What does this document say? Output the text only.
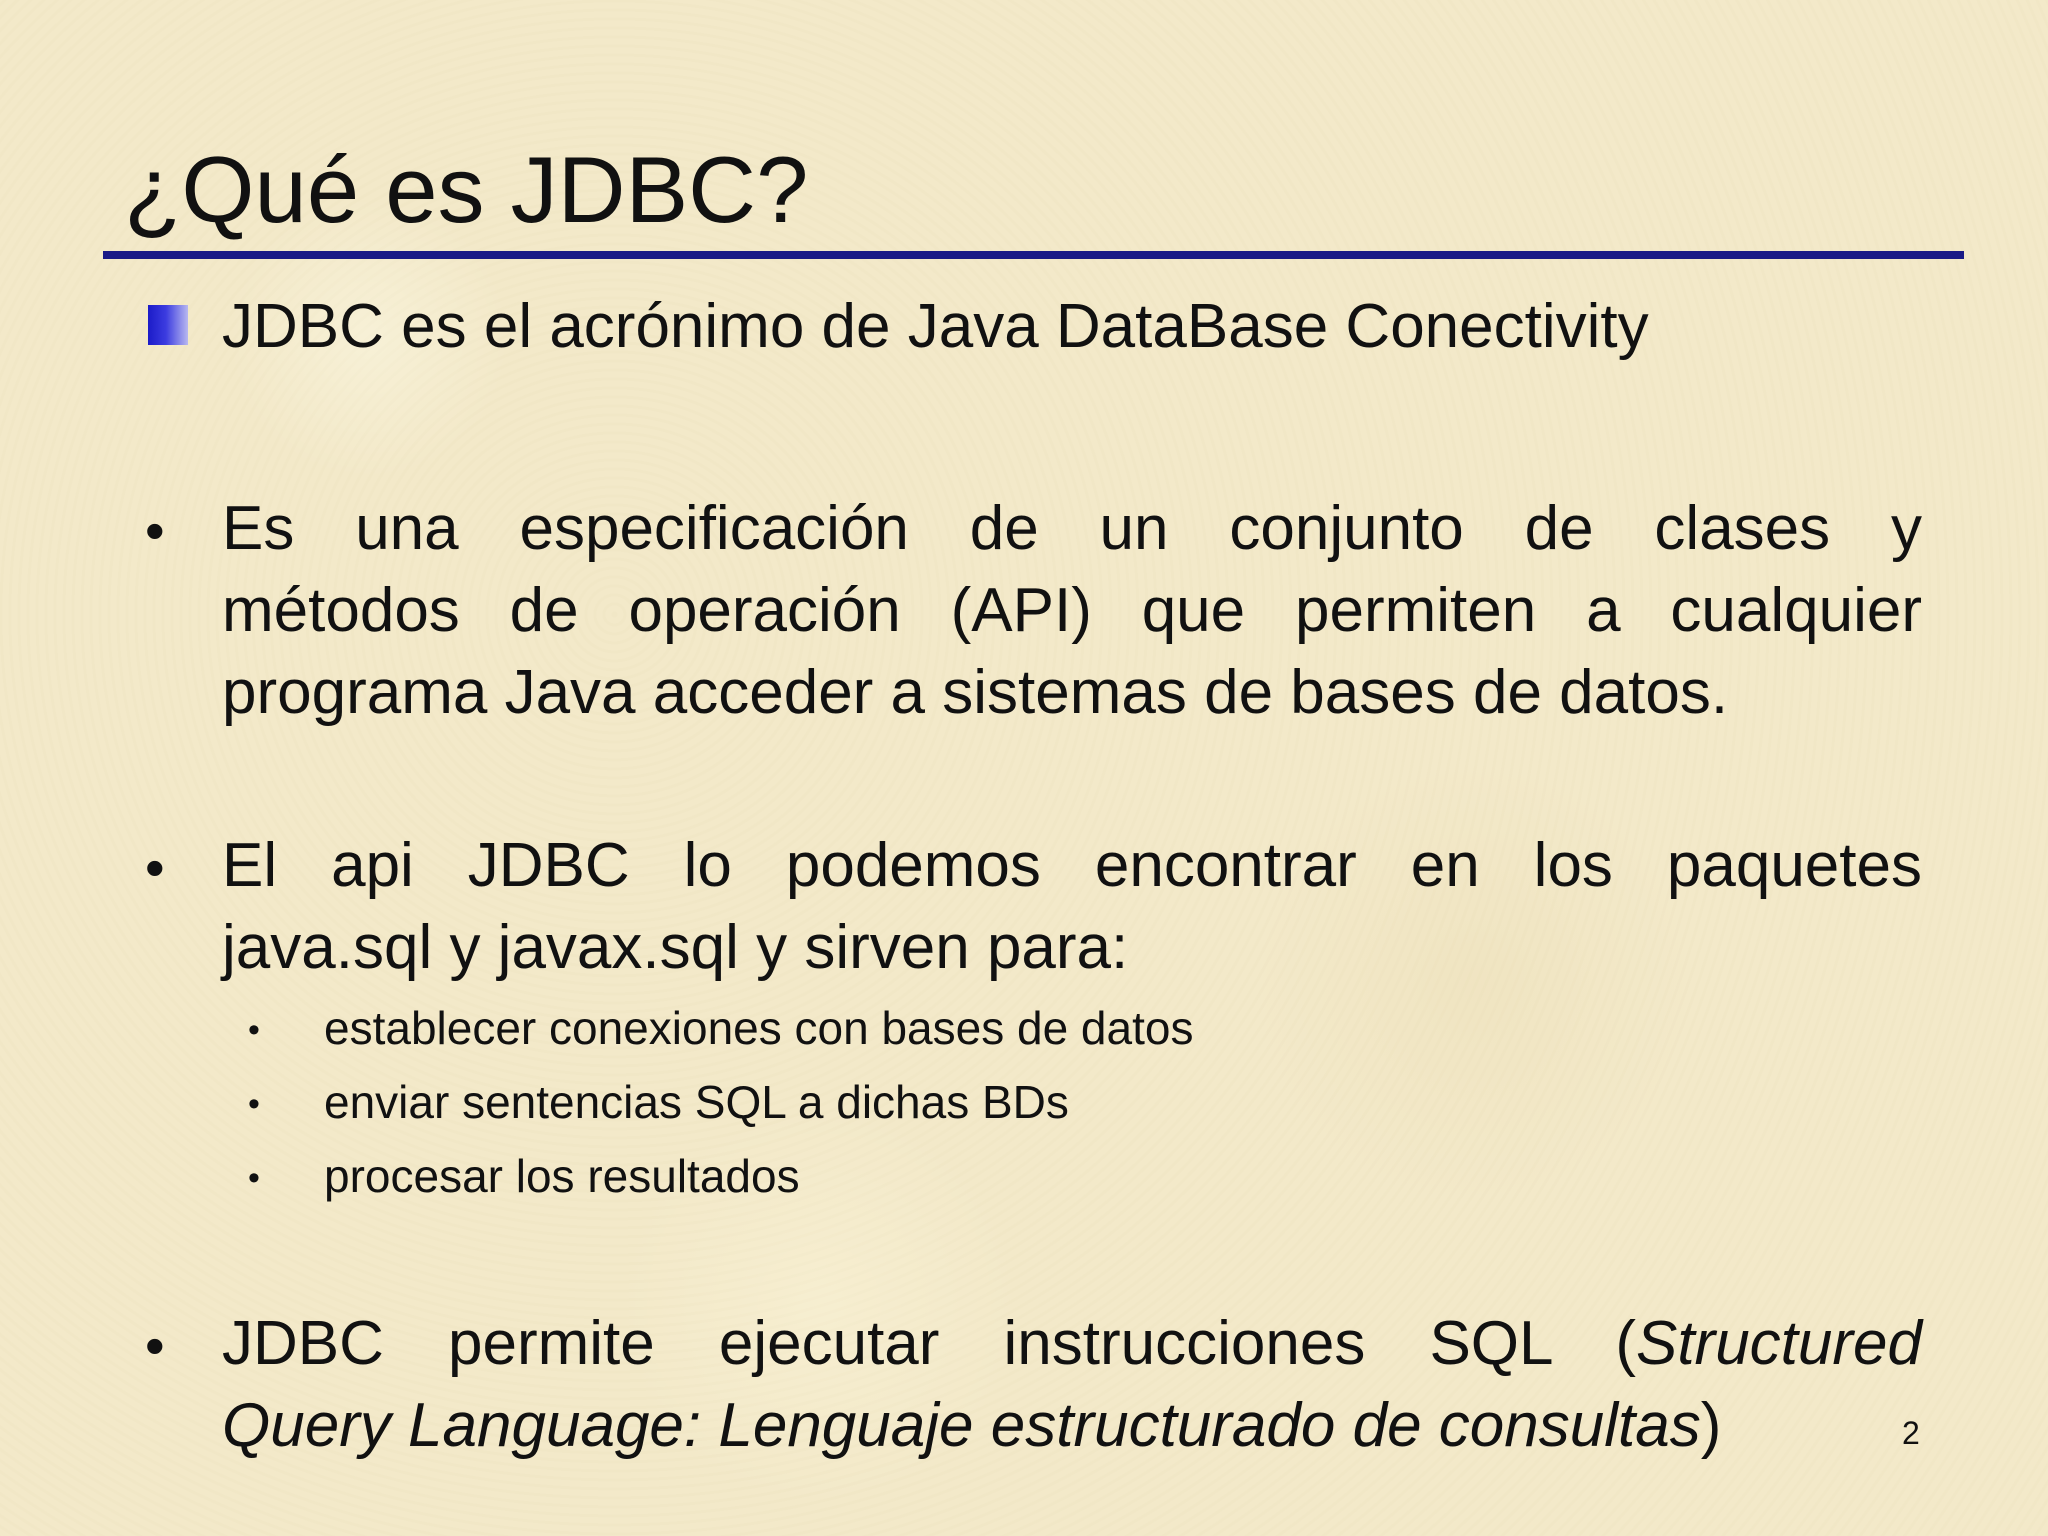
¿Qué es JDBC?
JDBC es el acrónimo de Java DataBase Conectivity
• Es una especificación de un conjunto de clases y
métodos de operación (API) que permiten a cualquier
programa Java acceder a sistemas de bases de datos.
• El api JDBC lo podemos encontrar en los paquetes
java.sql y javax.sql y sirven para:
• establecer conexiones con bases de datos
• enviar sentencias SQL a dichas BDs
• procesar los resultados
• JDBC permite ejecutar instrucciones SQL (Structured
Query Language: Lenguaje estructurado de consultas)	2
